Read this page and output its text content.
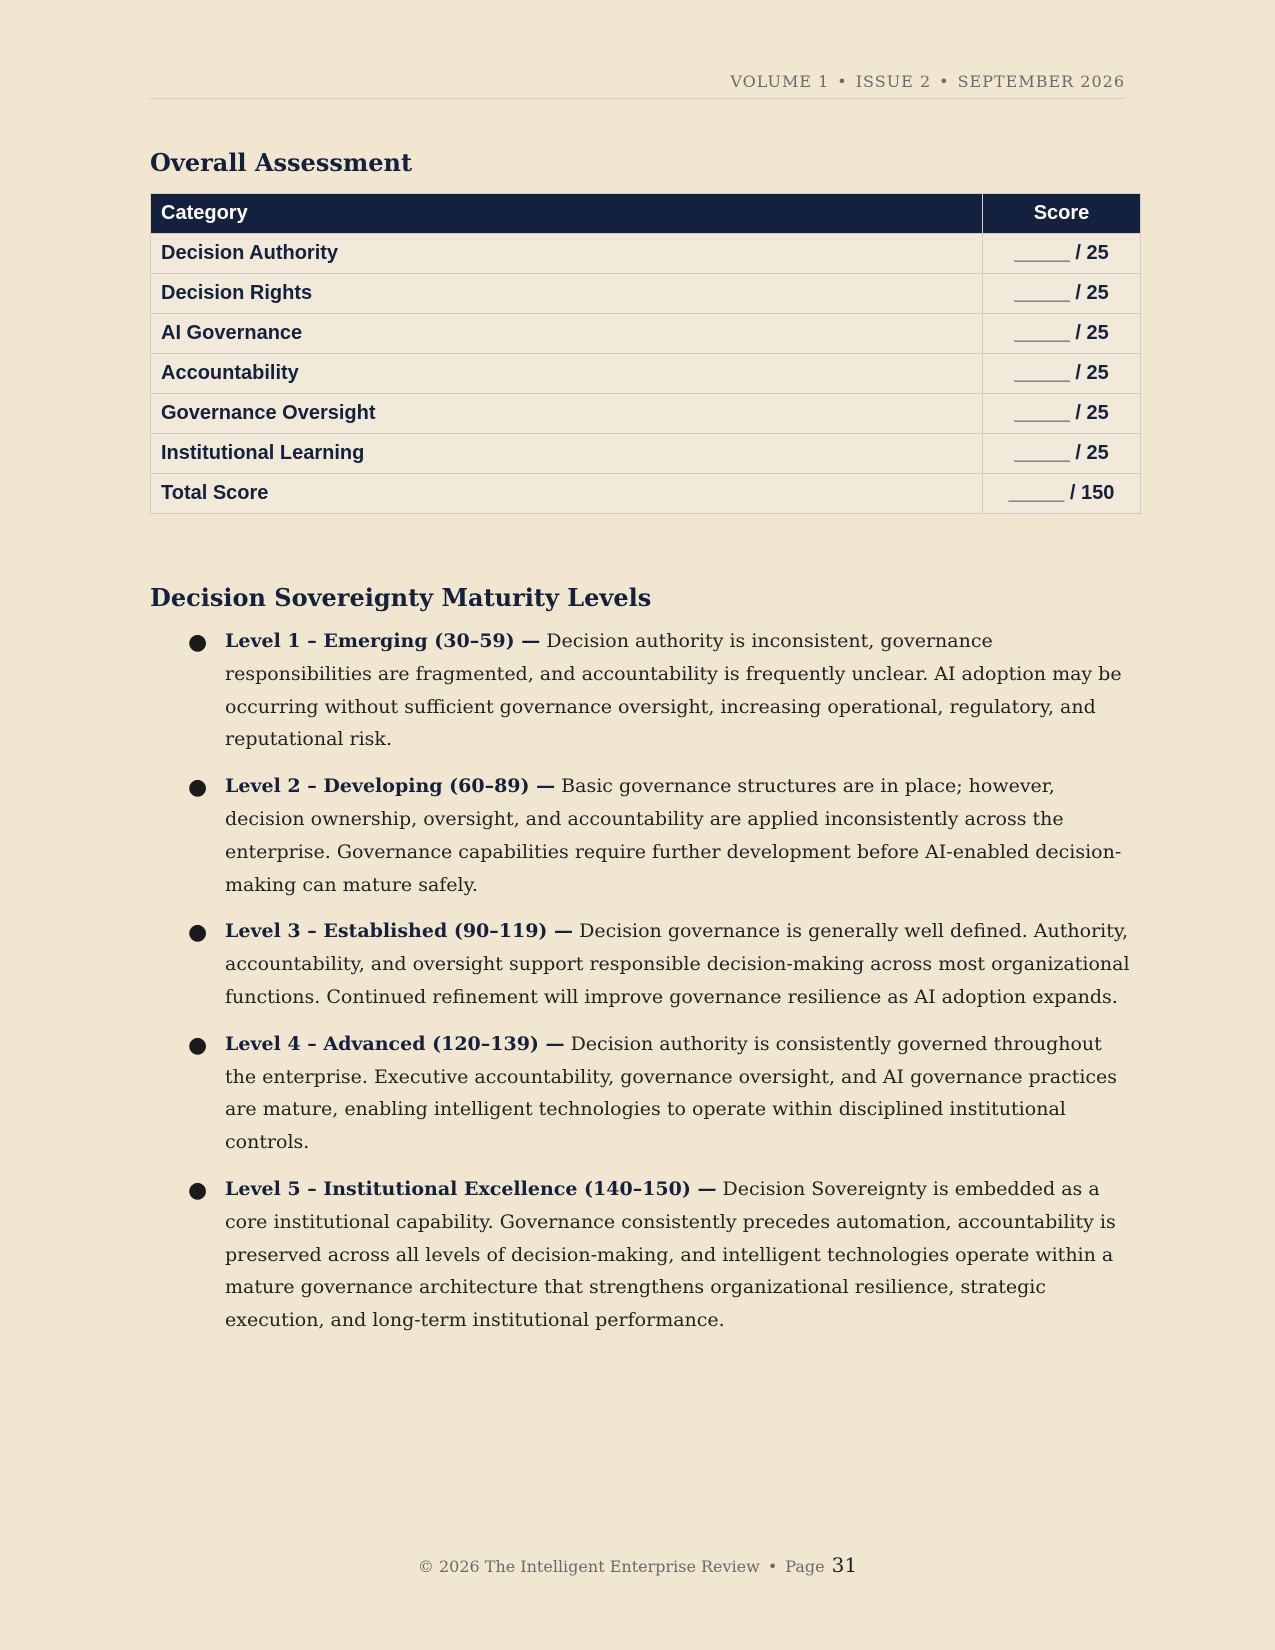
VOLUME 1 • ISSUE 2 • SEPTEMBER 2026
Overall Assessment
Category	Score
Decision Authority	_____ / 25
Decision Rights	_____ / 25
AI Governance	_____ / 25
Accountability	_____ / 25
Governance Oversight	_____ / 25
Institutional Learning	_____ / 25
Total Score	_____ / 150
Decision Sovereignty Maturity Levels
● Level 1 – Emerging (30–59) — Decision authority is inconsistent, governance responsibilities are fragmented, and accountability is frequently unclear. AI adoption may be occurring without sufficient governance oversight, increasing operational, regulatory, and reputational risk.
● Level 2 – Developing (60–89) — Basic governance structures are in place; however, decision ownership, oversight, and accountability are applied inconsistently across the enterprise. Governance capabilities require further development before AI-enabled decision-making can mature safely.
● Level 3 – Established (90–119) — Decision governance is generally well defined. Authority, accountability, and oversight support responsible decision-making across most organizational functions. Continued refinement will improve governance resilience as AI adoption expands.
● Level 4 – Advanced (120–139) — Decision authority is consistently governed throughout the enterprise. Executive accountability, governance oversight, and AI governance practices are mature, enabling intelligent technologies to operate within disciplined institutional controls.
● Level 5 – Institutional Excellence (140–150) — Decision Sovereignty is embedded as a core institutional capability. Governance consistently precedes automation, accountability is preserved across all levels of decision-making, and intelligent technologies operate within a mature governance architecture that strengthens organizational resilience, strategic execution, and long-term institutional performance.
© 2026 The Intelligent Enterprise Review • Page 31
